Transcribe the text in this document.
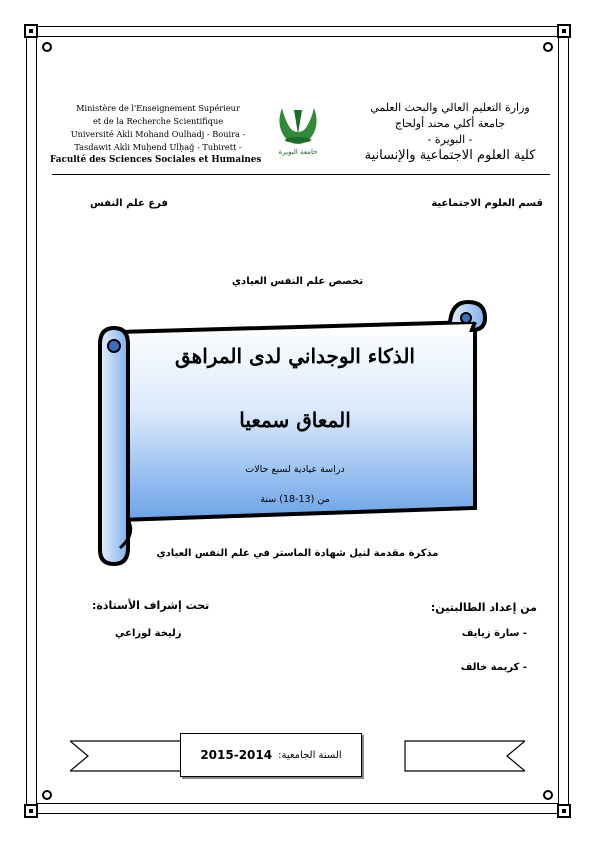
Ministère de l'Enseignement Supérieur
et de la Recherche Scientifique
Université Akli Mohand Oulhadj - Bouira -
Tasdawit Akli Muḥend Ulḥağ - Tubirett -
Faculté des Sciences Sociales et Humaines
جامعة البويرة
وزارة التعليم العالي والبحث العلمي
جامعة أكلي محند أولحاج
- البويرة -
كلية العلوم الاجتماعية والإنسانية
قسم العلوم الاجتماعية
فرع علم النفس
تخصص علم النفس العيادي
الذكاء الوجداني لدى المراهق
المعاق سمعيا
دراسة عيادية لسبع حالات
من (13-18) سنة
مذكرة مقدمة لنيل شهادة الماستر في علم النفس العيادي
من إعداد الطالبتين:
تحت إشراف الأستاذة:
- سارة زيايف
- كريمة خالف
زليخة لوزاعي
السنة الجامعية:
2015-2014
